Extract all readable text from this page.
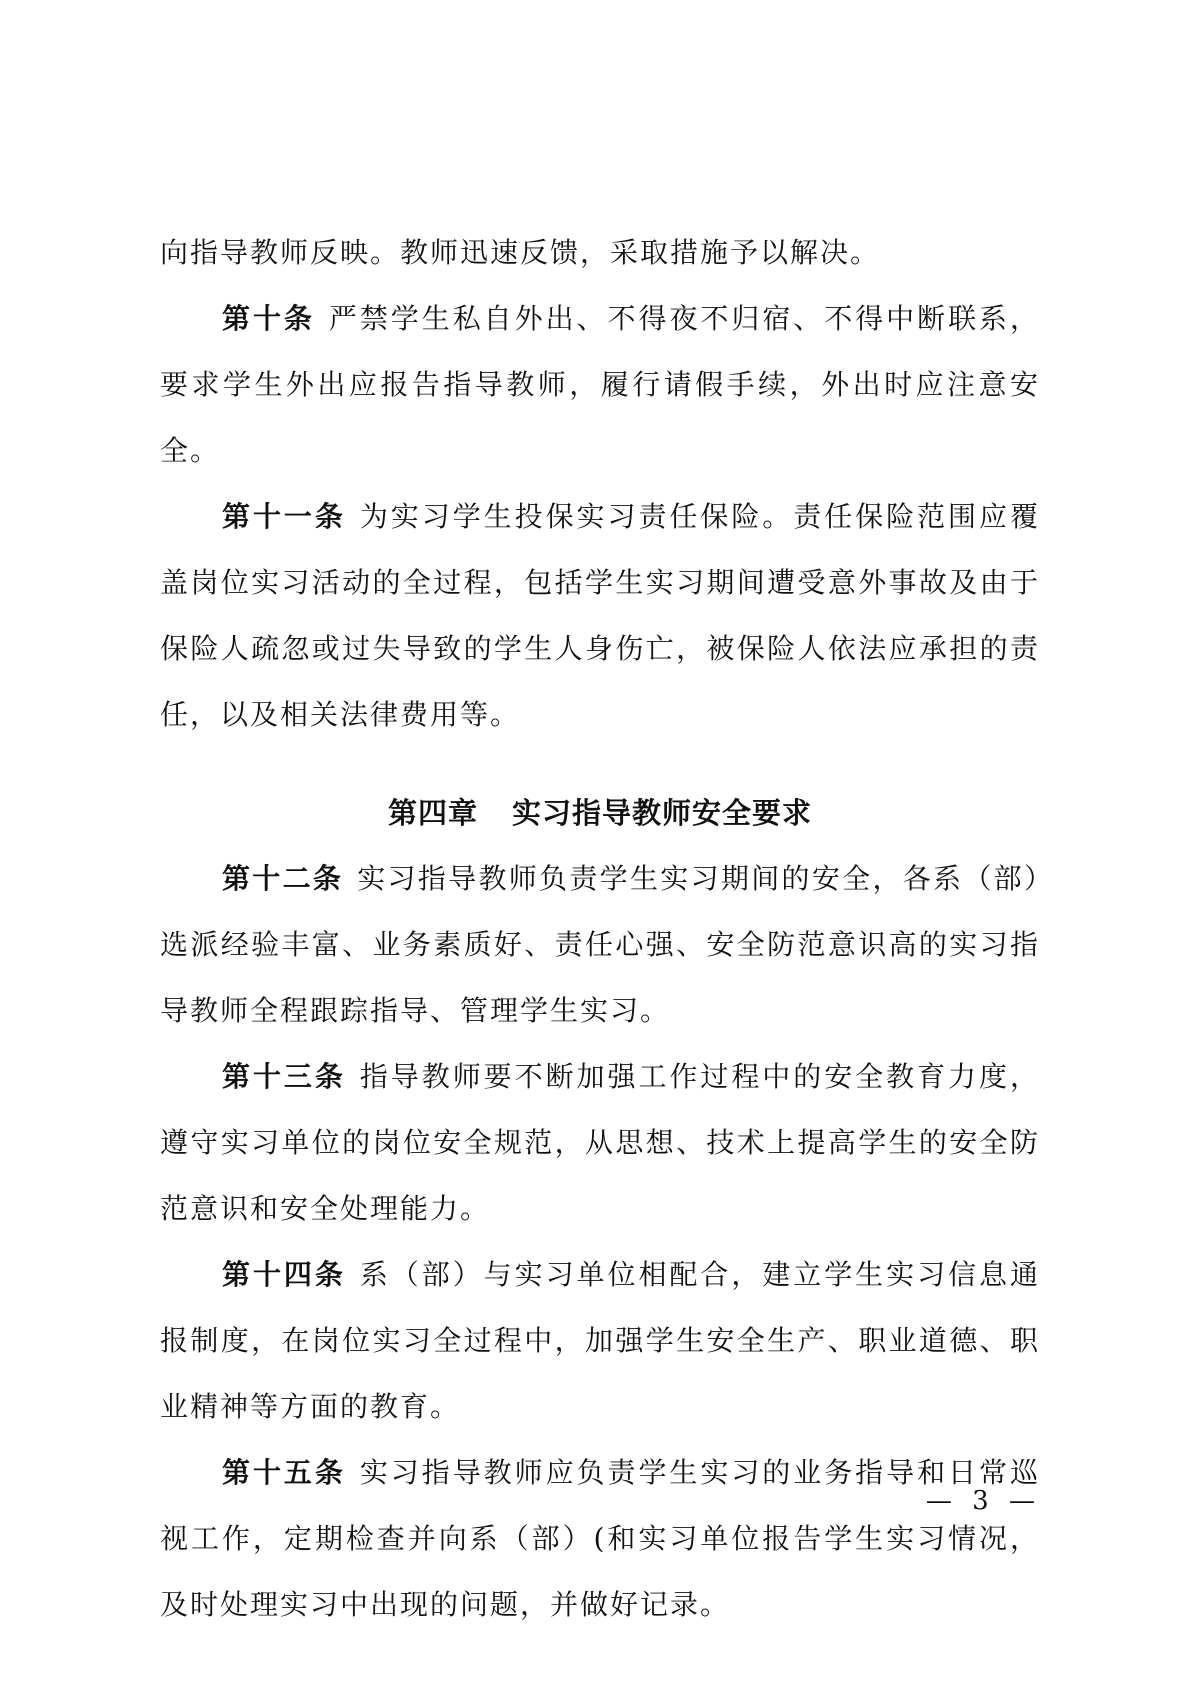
向指导教师反映。教师迅速反馈，采取措施予以解决。

第十条 严禁学生私自外出、不得夜不归宿、不得中断联系，要求学生外出应报告指导教师，履行请假手续，外出时应注意安全。

第十一条 为实习学生投保实习责任保险。责任保险范围应覆盖岗位实习活动的全过程，包括学生实习期间遭受意外事故及由于保险人疏忽或过失导致的学生人身伤亡，被保险人依法应承担的责任，以及相关法律费用等。

第四章 实习指导教师安全要求

第十二条 实习指导教师负责学生实习期间的安全，各系（部）选派经验丰富、业务素质好、责任心强、安全防范意识高的实习指导教师全程跟踪指导、管理学生实习。

第十三条 指导教师要不断加强工作过程中的安全教育力度，遵守实习单位的岗位安全规范，从思想、技术上提高学生的安全防范意识和安全处理能力。

第十四条 系（部）与实习单位相配合，建立学生实习信息通报制度，在岗位实习全过程中，加强学生安全生产、职业道德、职业精神等方面的教育。

第十五条 实习指导教师应负责学生实习的业务指导和日常巡视工作，定期检查并向系（部）(和实习单位报告学生实习情况，及时处理实习中出现的问题，并做好记录。

— 3 —
